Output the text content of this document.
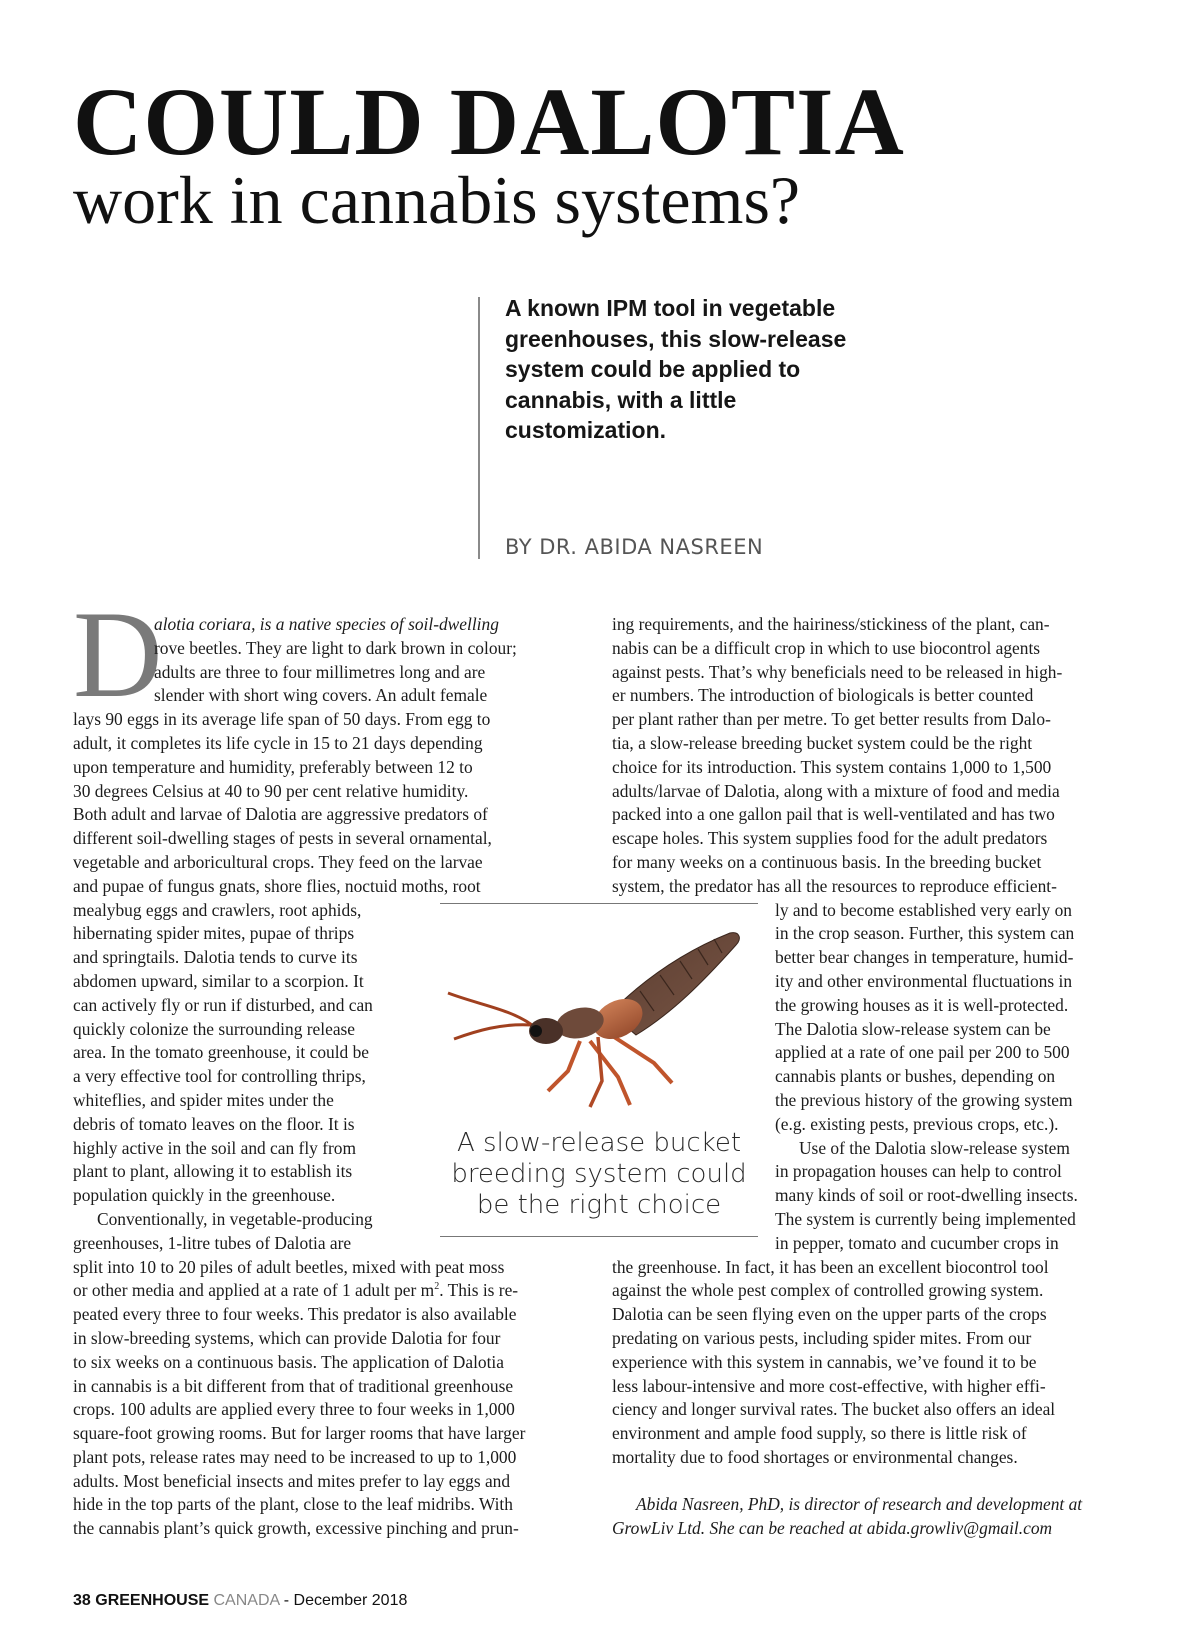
COULD DALOTIA
work in cannabis systems?
A known IPM tool in vegetable greenhouses, this slow-release system could be applied to cannabis, with a little customization.
BY DR. ABIDA NASREEN
D
alotia coriara, is a native species of soil-dwelling
rove beetles. They are light to dark brown in colour;
adults are three to four millimetres long and are
slender with short wing covers. An adult female
lays 90 eggs in its average life span of 50 days. From egg to
adult, it completes its life cycle in 15 to 21 days depending
upon temperature and humidity, preferably between 12 to
30 degrees Celsius at 40 to 90 per cent relative humidity.
Both adult and larvae of Dalotia are aggressive predators of
different soil-dwelling stages of pests in several ornamental,
vegetable and arboricultural crops. They feed on the larvae
and pupae of fungus gnats, shore flies, noctuid moths, root
mealybug eggs and crawlers, root aphids,
hibernating spider mites, pupae of thrips
and springtails. Dalotia tends to curve its
abdomen upward, similar to a scorpion. It
can actively fly or run if disturbed, and can
quickly colonize the surrounding release
area. In the tomato greenhouse, it could be
a very effective tool for controlling thrips,
whiteflies, and spider mites under the
debris of tomato leaves on the floor. It is
highly active in the soil and can fly from
plant to plant, allowing it to establish its
population quickly in the greenhouse.
Conventionally, in vegetable-producing
greenhouses, 1-litre tubes of Dalotia are
split into 10 to 20 piles of adult beetles, mixed with peat moss
or other media and applied at a rate of 1 adult per $m^2$. This is re-
peated every three to four weeks. This predator is also available
in slow-breeding systems, which can provide Dalotia for four
to six weeks on a continuous basis. The application of Dalotia
in cannabis is a bit different from that of traditional greenhouse
crops. 100 adults are applied every three to four weeks in 1,000
square-foot growing rooms. But for larger rooms that have larger
plant pots, release rates may need to be increased to up to 1,000
adults. Most beneficial insects and mites prefer to lay eggs and
hide in the top parts of the plant, close to the leaf midribs. With
the cannabis plant’s quick growth, excessive pinching and prun-
ing requirements, and the hairiness/stickiness of the plant, can-
nabis can be a difficult crop in which to use biocontrol agents
against pests. That’s why beneficials need to be released in high-
er numbers. The introduction of biologicals is better counted
per plant rather than per metre. To get better results from Dalo-
tia, a slow-release breeding bucket system could be the right
choice for its introduction. This system contains 1,000 to 1,500
adults/larvae of Dalotia, along with a mixture of food and media
packed into a one gallon pail that is well-ventilated and has two
escape holes. This system supplies food for the adult predators
for many weeks on a continuous basis. In the breeding bucket
system, the predator has all the resources to reproduce efficient-
ly and to become established very early on
in the crop season. Further, this system can
better bear changes in temperature, humid-
ity and other environmental fluctuations in
the growing houses as it is well-protected.
The Dalotia slow-release system can be
applied at a rate of one pail per 200 to 500
cannabis plants or bushes, depending on
the previous history of the growing system
(e.g. existing pests, previous crops, etc.).
Use of the Dalotia slow-release system
in propagation houses can help to control
many kinds of soil or root-dwelling insects.
The system is currently being implemented
in pepper, tomato and cucumber crops in
the greenhouse. In fact, it has been an excellent biocontrol tool
against the whole pest complex of controlled growing system.
Dalotia can be seen flying even on the upper parts of the crops
predating on various pests, including spider mites. From our
experience with this system in cannabis, we’ve found it to be
less labour-intensive and more cost-effective, with higher effi-
ciency and longer survival rates. The bucket also offers an ideal
environment and ample food supply, so there is little risk of
mortality due to food shortages or environmental changes.
Abida Nasreen, PhD, is director of research and development at
GrowLiv Ltd. She can be reached at abida.growliv@gmail.com
A slow-release bucket breeding system could be the right choice
38 GREENHOUSE CANADA - December 2018
